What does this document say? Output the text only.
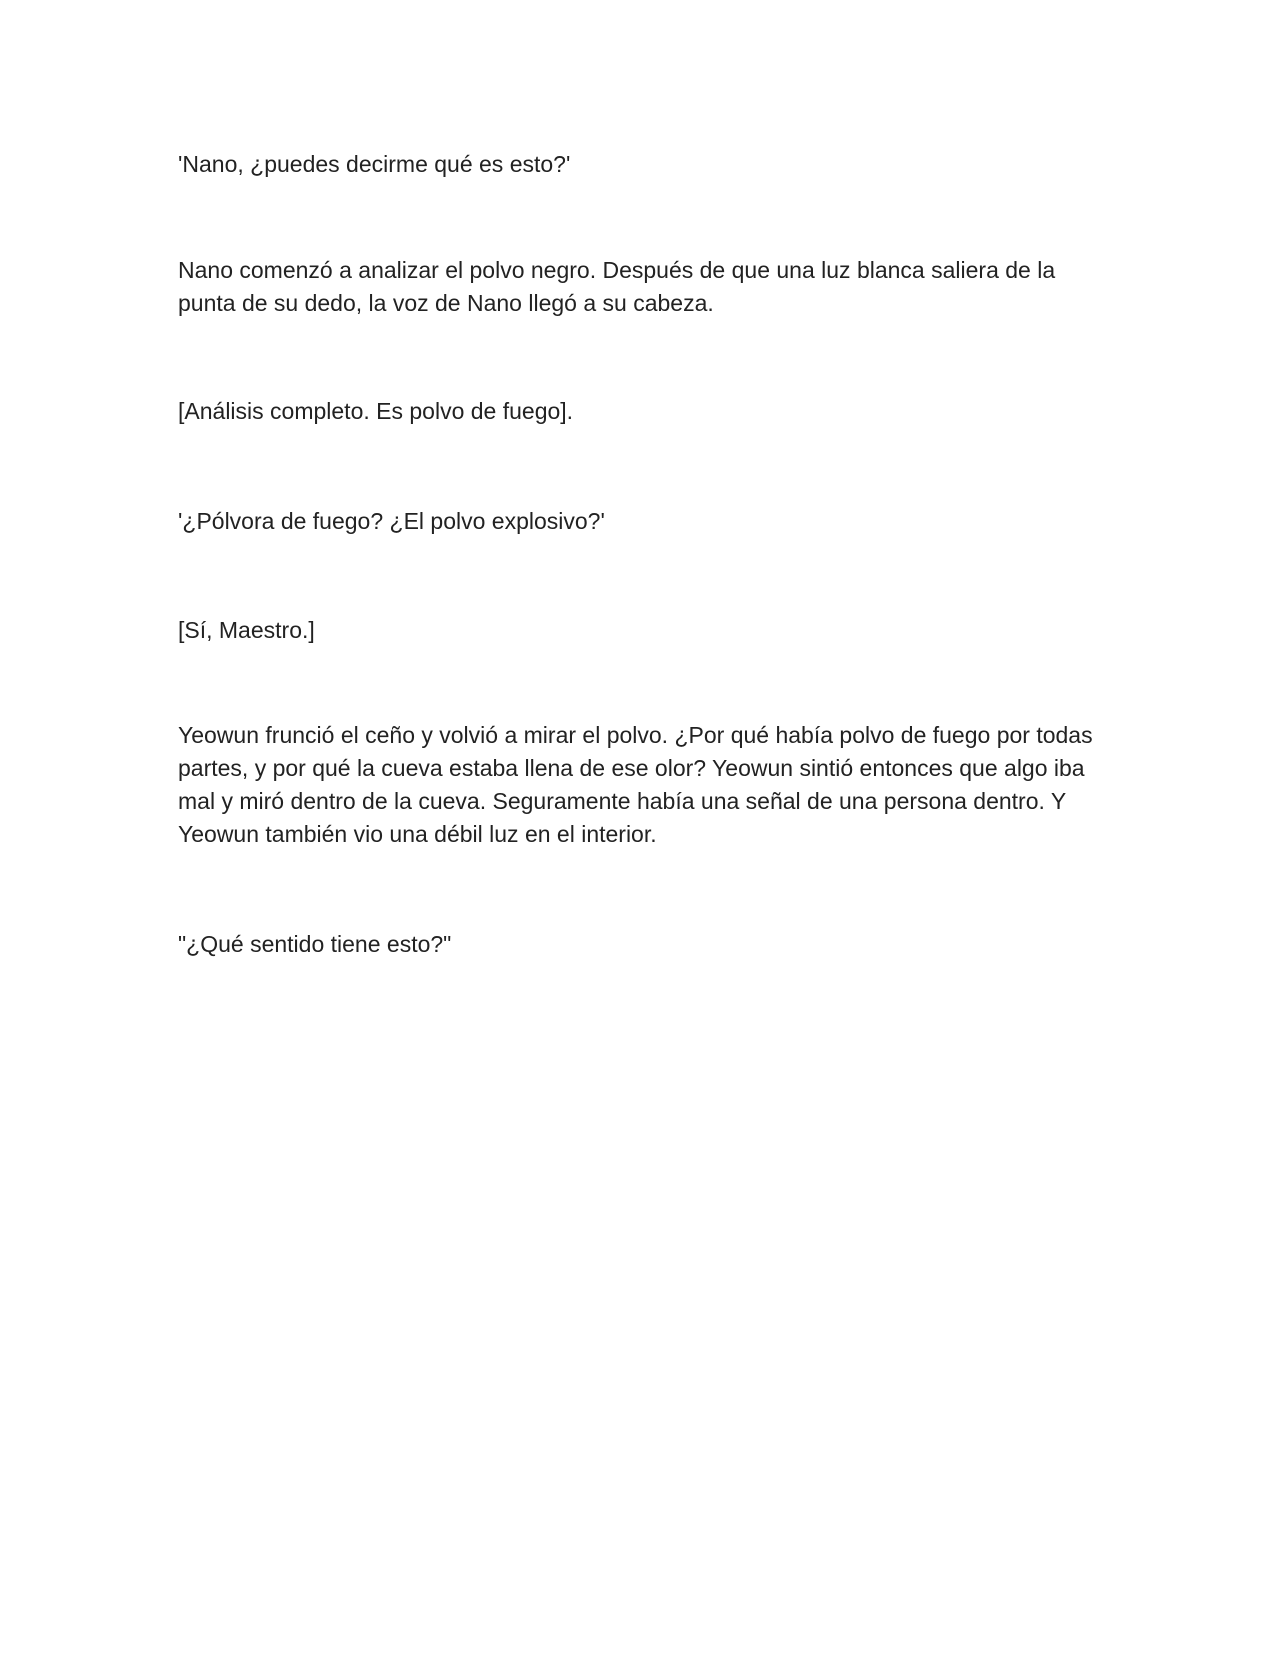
'Nano, ¿puedes decirme qué es esto?'

Nano comenzó a analizar el polvo negro. Después de que una luz blanca saliera de la punta de su dedo, la voz de Nano llegó a su cabeza.

[Análisis completo. Es polvo de fuego].

'¿Pólvora de fuego? ¿El polvo explosivo?'

[Sí, Maestro.]

Yeowun frunció el ceño y volvió a mirar el polvo. ¿Por qué había polvo de fuego por todas partes, y por qué la cueva estaba llena de ese olor? Yeowun sintió entonces que algo iba mal y miró dentro de la cueva. Seguramente había una señal de una persona dentro. Y Yeowun también vio una débil luz en el interior.

"¿Qué sentido tiene esto?"
